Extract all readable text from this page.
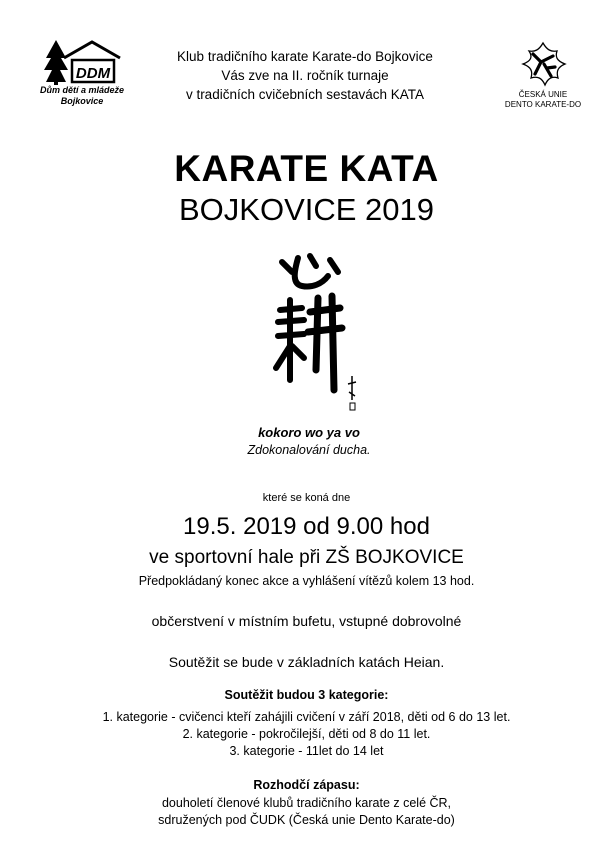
DDM
Dům dětí a mládeže
Bojkovice
Klub tradičního karate Karate-do Bojkovice
Vás zve na II. ročník turnaje
v tradičních cvičebních sestavách KATA	ČESKÁ UNIE
DENTO KARATE-DO
KARATE KATA
BOJKOVICE 2019
kokoro wo ya vo
Zdokonalování ducha.
které se koná dne
19.5. 2019 od 9.00 hod
ve sportovní hale při ZŠ BOJKOVICE
Předpokládaný konec akce a vyhlášení vítězů kolem 13 hod.
občerstvení v místním bufetu, vstupné dobrovolné
Soutěžit se bude v základních katách Heian.
Soutěžit budou 3 kategorie:
1. kategorie - cvičenci kteří zahájili cvičení v září 2018, děti od 6 do 13 let.
2. kategorie - pokročilejší, děti od 8 do 11 let.
3. kategorie - 11let do 14 let
Rozhodčí zápasu:
douholetí členové klubů tradičního karate z celé ČR,
sdružených pod ČUDK (Česká unie Dento Karate-do)
